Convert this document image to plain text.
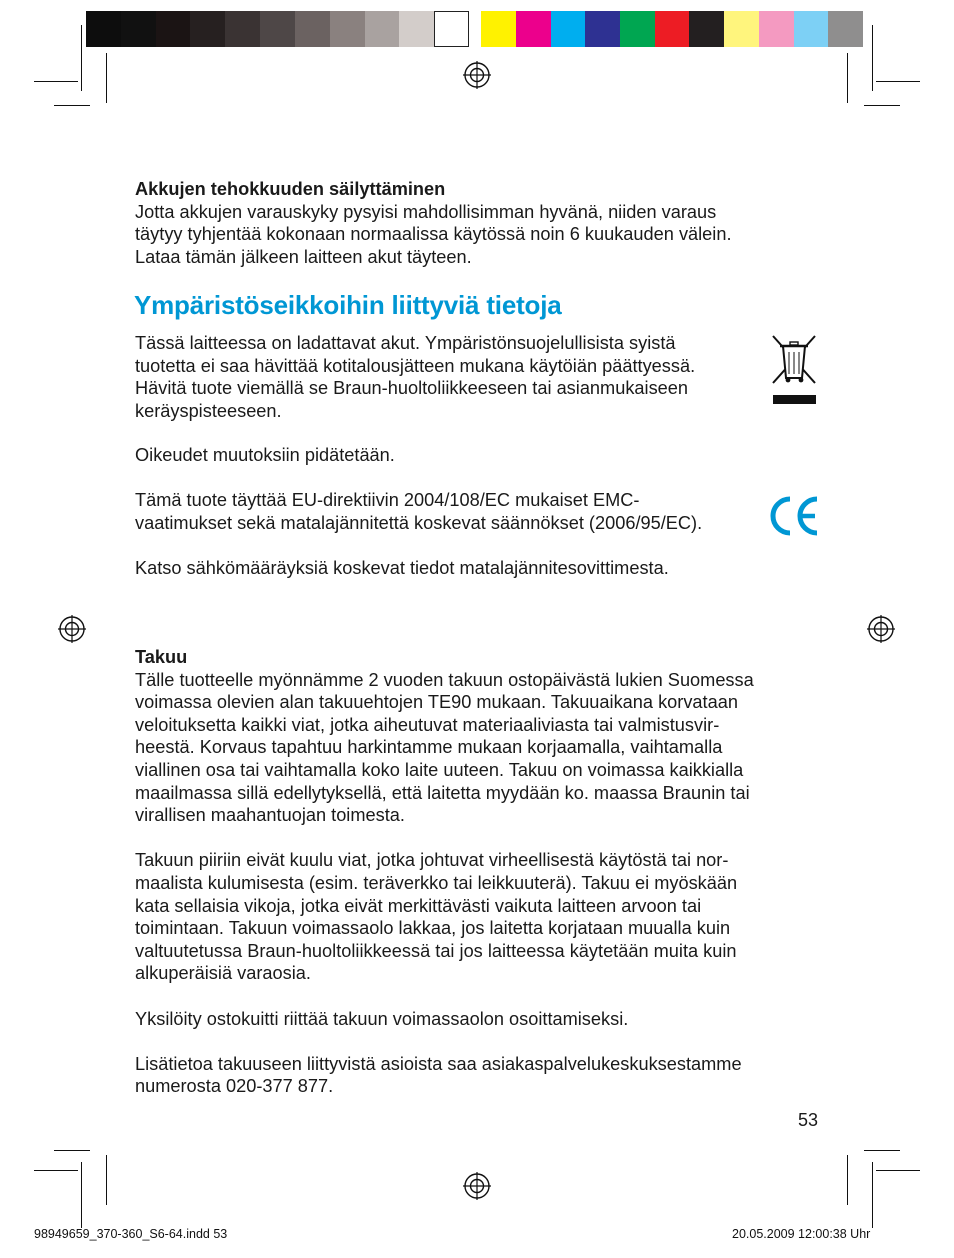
Akkujen tehokkuuden säilyttäminen

Jotta akkujen varauskyky pysyisi mahdollisimman hyvänä, niiden varaus

täytyy tyhjentää kokonaan normaalissa käytössä noin 6 kuukauden välein.

Lataa tämän jälkeen laitteen akut täyteen.

Ympäristöseikkoihin liittyviä tietoja

Tässä laitteessa on ladattavat akut. Ympäristönsuojelullisista syistä

tuotetta ei saa hävittää kotitalousjätteen mukana käytöiän päättyessä.

Hävitä tuote viemällä se Braun-huoltoliikkeeseen tai asianmukaiseen

keräyspisteeseen.

Oikeudet muutoksiin pidätetään.

Tämä tuote täyttää EU-direktiivin 2004/108/EC mukaiset EMC-

vaatimukset sekä matalajännitettä koskevat säännökset (2006/95/EC).

Katso sähkömääräyksiä koskevat tiedot matalajännitesovittimesta.

Takuu

Tälle tuotteelle myönnämme 2 vuoden takuun ostopäivästä lukien Suomessa

voimassa olevien alan takuuehtojen TE90 mukaan. Takuuaikana korvataan

veloituksetta kaikki viat, jotka aiheutuvat materiaaliviasta tai valmistusvir-

heestä. Korvaus tapahtuu harkintamme mukaan korjaamalla, vaihtamalla

viallinen osa tai vaihtamalla koko laite uuteen. Takuu on voimassa kaikkialla

maailmassa sillä edellytyksellä, että laitetta myydään ko. maassa Braunin tai

virallisen maahantuojan toimesta.

Takuun piiriin eivät kuulu viat, jotka johtuvat virheellisestä käytöstä tai nor-

maalista kulumisesta (esim. teräverkko tai leikkuuterä). Takuu ei myöskään

kata sellaisia vikoja, jotka eivät merkittävästi vaikuta laitteen arvoon tai

toimintaan. Takuun voimassaolo lakkaa, jos laitetta korjataan muualla kuin

valtuutetussa Braun-huoltoliikkeessä tai jos laitteessa käytetään muita kuin

alkuperäisiä varaosia.

Yksilöity ostokuitti riittää takuun voimassaolon osoittamiseksi.

Lisätietoa takuuseen liittyvistä asioista saa asiakaspalvelukeskuksestamme

numerosta 020-377 877.

53
98949659_370-360_S6-64.indd 53	20.05.2009 12:00:38 Uhr
